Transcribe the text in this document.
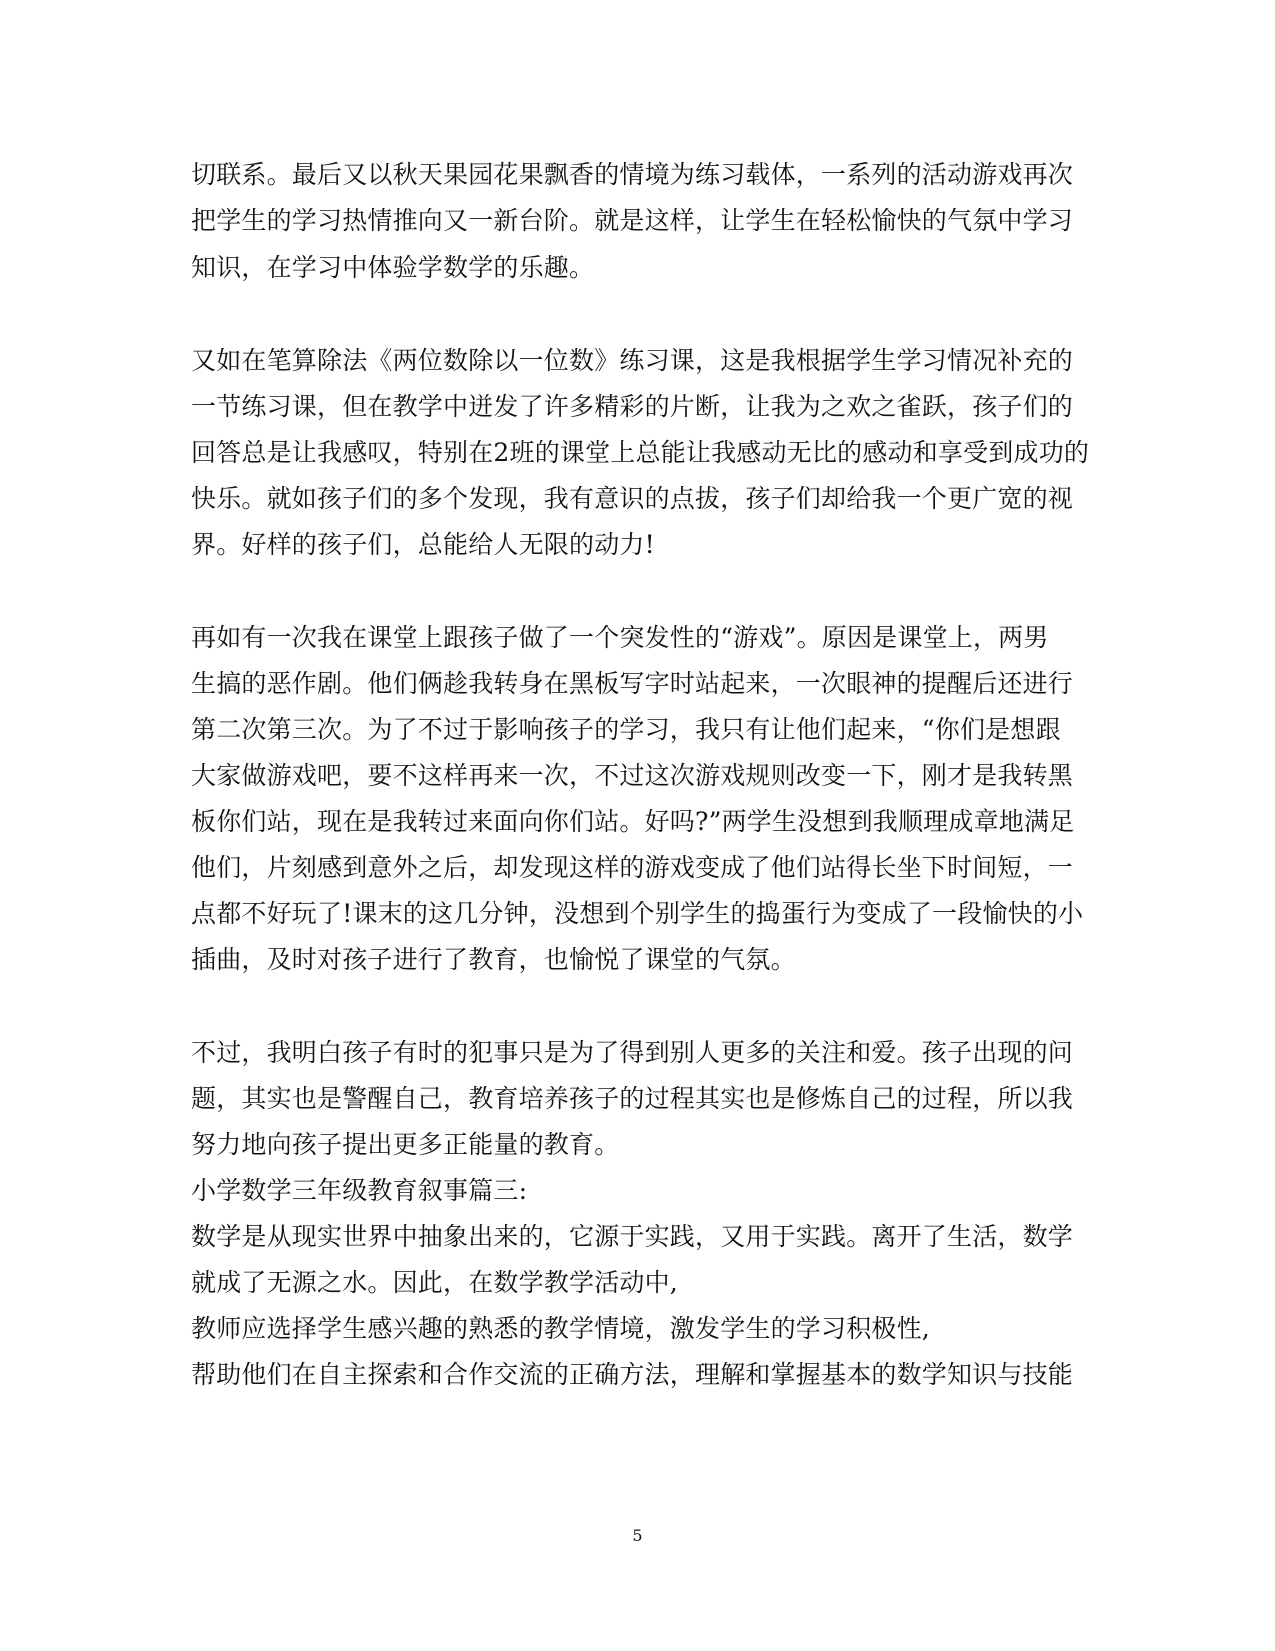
切联系。最后又以秋天果园花果飘香的情境为练习载体，一系列的活动游戏再次
把学生的学习热情推向又一新台阶。就是这样，让学生在轻松愉快的气氛中学习
知识，在学习中体验学数学的乐趣。
又如在笔算除法《两位数除以一位数》练习课，这是我根据学生学习情况补充的
一节练习课，但在教学中迸发了许多精彩的片断，让我为之欢之雀跃，孩子们的
回答总是让我感叹，特别在2班的课堂上总能让我感动无比的感动和享受到成功的
快乐。就如孩子们的多个发现，我有意识的点拔，孩子们却给我一个更广宽的视
界。好样的孩子们，总能给人无限的动力!
再如有一次我在课堂上跟孩子做了一个突发性的“游戏”。原因是课堂上，两男
生搞的恶作剧。他们俩趁我转身在黑板写字时站起来，一次眼神的提醒后还进行
第二次第三次。为了不过于影响孩子的学习，我只有让他们起来，“你们是想跟
大家做游戏吧，要不这样再来一次，不过这次游戏规则改变一下，刚才是我转黑
板你们站，现在是我转过来面向你们站。好吗?”两学生没想到我顺理成章地满足
他们，片刻感到意外之后，却发现这样的游戏变成了他们站得长坐下时间短，一
点都不好玩了!课末的这几分钟，没想到个别学生的捣蛋行为变成了一段愉快的小
插曲，及时对孩子进行了教育，也愉悦了课堂的气氛。
不过，我明白孩子有时的犯事只是为了得到别人更多的关注和爱。孩子出现的问
题，其实也是警醒自己，教育培养孩子的过程其实也是修炼自己的过程，所以我
努力地向孩子提出更多正能量的教育。
小学数学三年级教育叙事篇三:
数学是从现实世界中抽象出来的，它源于实践，又用于实践。离开了生活，数学
就成了无源之水。因此，在数学教学活动中,
教师应选择学生感兴趣的熟悉的教学情境，激发学生的学习积极性,
帮助他们在自主探索和合作交流的正确方法，理解和掌握基本的数学知识与技能
5
